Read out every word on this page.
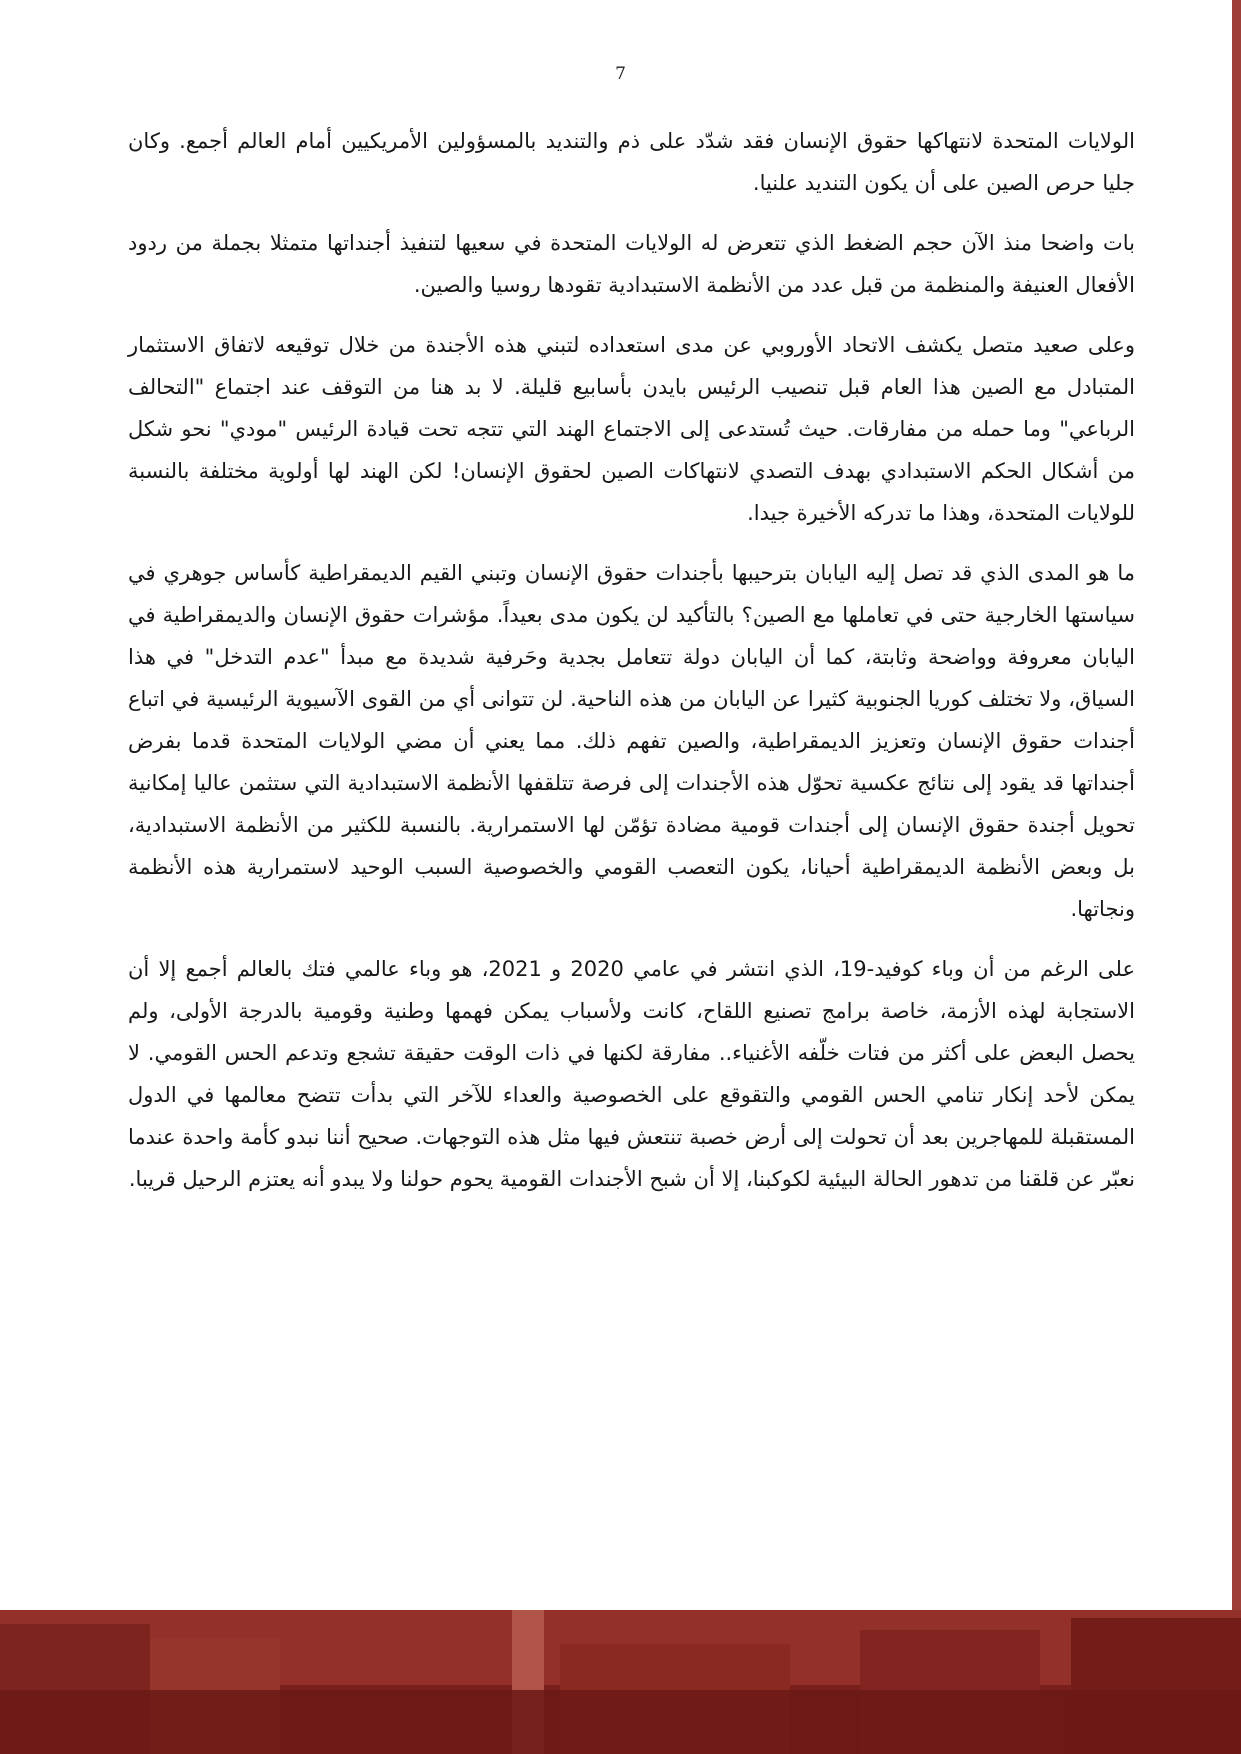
7

الولايات المتحدة لانتهاكها حقوق الإنسان فقد شدّد على ذم والتنديد بالمسؤولين الأمريكيين أمام العالم أجمع. وكان جليا حرص الصين على أن يكون التنديد علنيا.

بات واضحا منذ الآن حجم الضغط الذي تتعرض له الولايات المتحدة في سعيها لتنفيذ أجنداتها متمثلا بجملة من ردود الأفعال العنيفة والمنظمة من قبل عدد من الأنظمة الاستبدادية تقودها روسيا والصين.

وعلى صعيد متصل يكشف الاتحاد الأوروبي عن مدى استعداده لتبني هذه الأجندة من خلال توقيعه لاتفاق الاستثمار المتبادل مع الصين هذا العام قبل تنصيب الرئيس بايدن بأسابيع قليلة. لا بد هنا من التوقف عند اجتماع "التحالف الرباعي" وما حمله من مفارقات. حيث تُستدعى إلى الاجتماع الهند التي تتجه تحت قيادة الرئيس "مودي" نحو شكل من أشكال الحكم الاستبدادي بهدف التصدي لانتهاكات الصين لحقوق الإنسان! لكن الهند لها أولوية مختلفة بالنسبة للولايات المتحدة، وهذا ما تدركه الأخيرة جيدا.

ما هو المدى الذي قد تصل إليه اليابان بترحيبها بأجندات حقوق الإنسان وتبني القيم الديمقراطية كأساس جوهري في سياستها الخارجية حتى في تعاملها مع الصين؟ بالتأكيد لن يكون مدى بعيداً. مؤشرات حقوق الإنسان والديمقراطية في اليابان معروفة وواضحة وثابتة، كما أن اليابان دولة تتعامل بجدية وحَرفية شديدة مع مبدأ "عدم التدخل" في هذا السياق، ولا تختلف كوريا الجنوبية كثيرا عن اليابان من هذه الناحية. لن تتوانى أي من القوى الآسيوية الرئيسية في اتباع أجندات حقوق الإنسان وتعزيز الديمقراطية، والصين تفهم ذلك. مما يعني أن مضي الولايات المتحدة قدما بفرض أجنداتها قد يقود إلى نتائج عكسية تحوّل هذه الأجندات إلى فرصة تتلقفها الأنظمة الاستبدادية التي ستثمن عاليا إمكانية تحويل أجندة حقوق الإنسان إلى أجندات قومية مضادة تؤمّن لها الاستمرارية. بالنسبة للكثير من الأنظمة الاستبدادية، بل وبعض الأنظمة الديمقراطية أحيانا، يكون التعصب القومي والخصوصية السبب الوحيد لاستمرارية هذه الأنظمة ونجاتها.

على الرغم من أن وباء كوفيد-19، الذي انتشر في عامي 2020 و 2021، هو وباء عالمي فتك بالعالم أجمع إلا أن الاستجابة لهذه الأزمة، خاصة برامج تصنيع اللقاح، كانت ولأسباب يمكن فهمها وطنية وقومية بالدرجة الأولى، ولم يحصل البعض على أكثر من فتات خلّفه الأغنياء.. مفارقة لكنها في ذات الوقت حقيقة تشجع وتدعم الحس القومي. لا يمكن لأحد إنكار تنامي الحس القومي والتقوقع على الخصوصية والعداء للآخر التي بدأت تتضح معالمها في الدول المستقبلة للمهاجرين بعد أن تحولت إلى أرض خصبة تنتعش فيها مثل هذه التوجهات. صحيح أننا نبدو كأمة واحدة عندما نعبّر عن قلقنا من تدهور الحالة البيئية لكوكبنا، إلا أن شبح الأجندات القومية يحوم حولنا ولا يبدو أنه يعتزم الرحيل قريبا.
